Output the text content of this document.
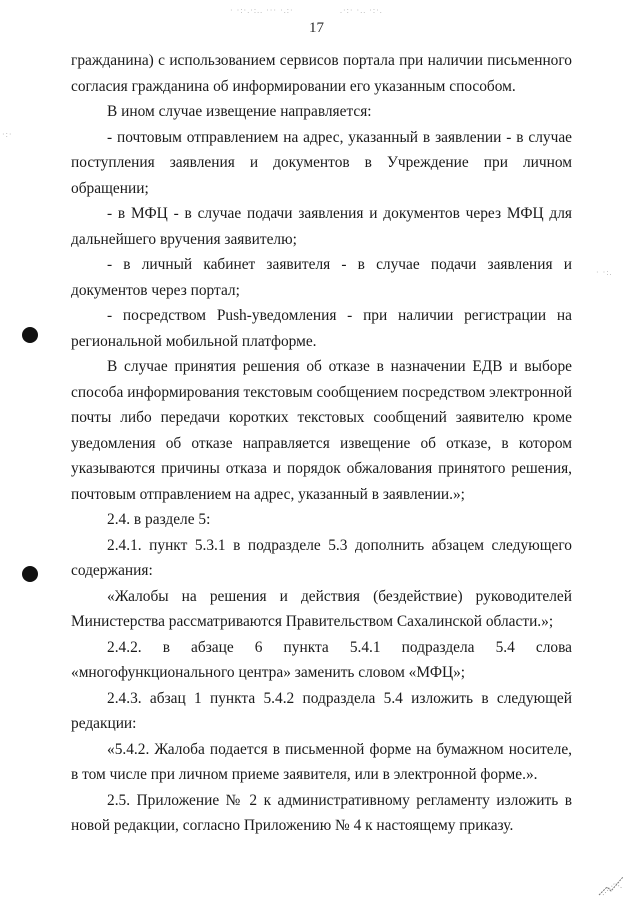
17
· ·:·.·:.. ··· ·.:·	.·:· ·.. ·:·.
·:·
· ·:.

гражданина) с использованием сервисов портала при наличии письменного согласия гражданина об информировании его указанным способом.

В ином случае извещение направляется:

- почтовым отправлением на адрес, указанный в заявлении - в случае поступления заявления и документов в Учреждение при личном обращении;

- в МФЦ - в случае подачи заявления и документов через МФЦ для дальнейшего вручения заявителю;

- в личный кабинет заявителя - в случае подачи заявления и документов через портал;

- посредством Push-уведомления - при наличии регистрации на региональной мобильной платформе.

В случае принятия решения об отказе в назначении ЕДВ и выборе способа информирования текстовым сообщением посредством электронной почты либо передачи коротких текстовых сообщений заявителю кроме уведомления об отказе направляется извещение об отказе, в котором указываются причины отказа и порядок обжалования принятого решения, почтовым отправлением на адрес, указанный в заявлении.»;

2.4. в разделе 5:

2.4.1. пункт 5.3.1 в подразделе 5.3 дополнить абзацем следующего содержания:

«Жалобы на решения и действия (бездействие) руководителей Министерства рассматриваются Правительством Сахалинской области.»;

2.4.2. в абзаце 6 пункта 5.4.1 подраздела 5.4 слова «многофункционального центра» заменить словом «МФЦ»;

2.4.3. абзац 1 пункта 5.4.2 подраздела 5.4 изложить в следующей редакции:

«5.4.2. Жалоба подается в письменной форме на бумажном носителе, в том числе при личном приеме заявителя, или в электронной форме.».

2.5. Приложение № 2 к административному регламенту изложить в новой редакции, согласно Приложению № 4 к настоящему приказу.
